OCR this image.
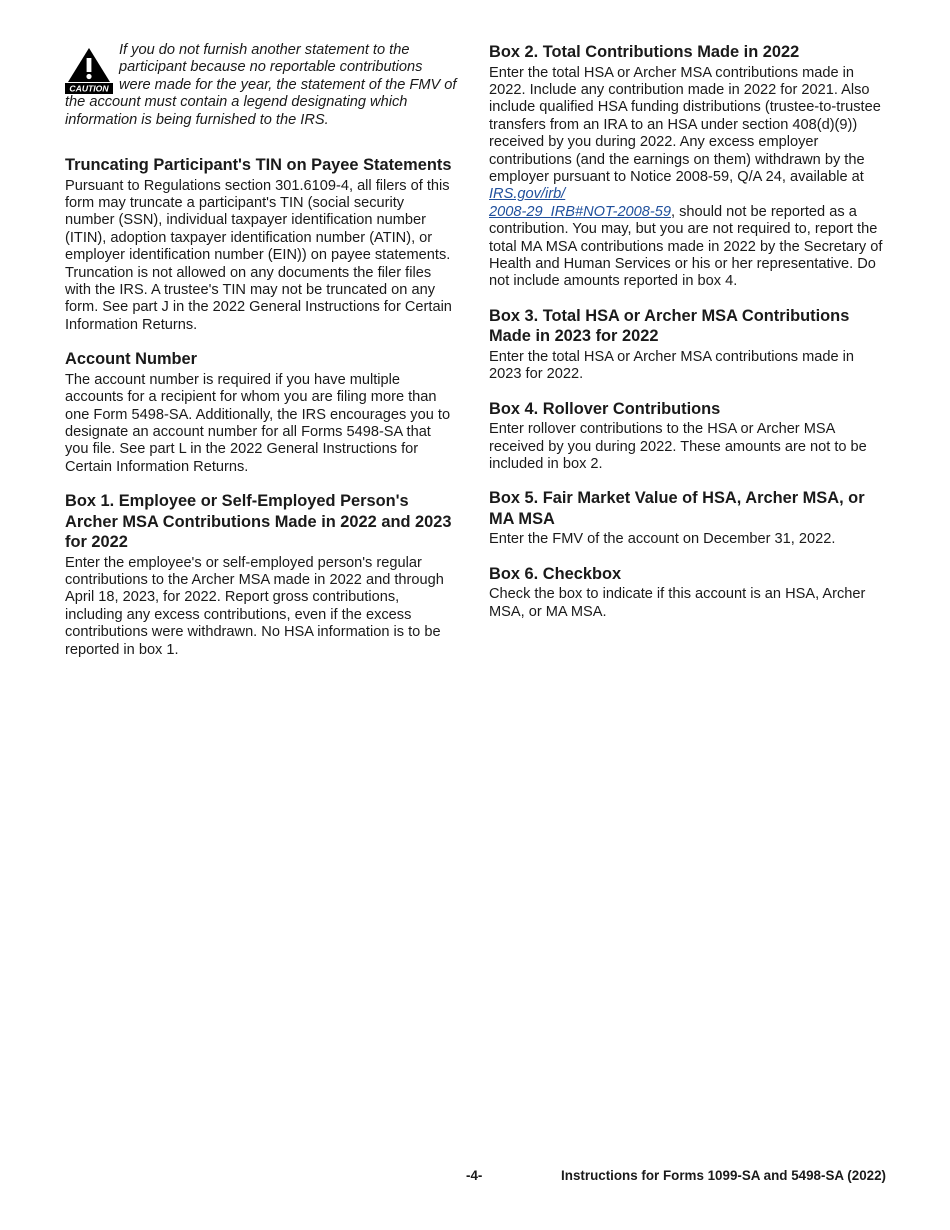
CAUTION
If you do not furnish another statement to the participant because no reportable contributions were made for the year, the statement of the FMV of the account must contain a legend designating which information is being furnished to the IRS.
Truncating Participant's TIN on Payee Statements

Pursuant to Regulations section 301.6109-4, all filers of this form may truncate a participant's TIN (social security number (SSN), individual taxpayer identification number (ITIN), adoption taxpayer identification number (ATIN), or employer identification number (EIN)) on payee statements. Truncation is not allowed on any documents the filer files with the IRS. A trustee's TIN may not be truncated on any form. See part J in the 2022 General Instructions for Certain Information Returns.

Account Number

The account number is required if you have multiple accounts for a recipient for whom you are filing more than one Form 5498-SA. Additionally, the IRS encourages you to designate an account number for all Forms 5498-SA that you file. See part L in the 2022 General Instructions for Certain Information Returns.

Box 1. Employee or Self-Employed Person's Archer MSA Contributions Made in 2022 and 2023 for 2022

Enter the employee's or self-employed person's regular contributions to the Archer MSA made in 2022 and through April 18, 2023, for 2022. Report gross contributions, including any excess contributions, even if the excess contributions were withdrawn. No HSA information is to be reported in box 1.

Box 2. Total Contributions Made in 2022

Enter the total HSA or Archer MSA contributions made in 2022. Include any contribution made in 2022 for 2021. Also include qualified HSA funding distributions (trustee-to-trustee transfers from an IRA to an HSA under section 408(d)(9)) received by you during 2022. Any excess employer contributions (and the earnings on them) withdrawn by the employer pursuant to Notice 2008-59, Q/A 24, available at IRS.gov/irb/
2008-29_IRB#NOT-2008-59, should not be reported as a contribution. You may, but you are not required to, report the total MA MSA contributions made in 2022 by the Secretary of Health and Human Services or his or her representative. Do not include amounts reported in box 4.

Box 3. Total HSA or Archer MSA Contributions Made in 2023 for 2022

Enter the total HSA or Archer MSA contributions made in 2023 for 2022.

Box 4. Rollover Contributions

Enter rollover contributions to the HSA or Archer MSA received by you during 2022. These amounts are not to be included in box 2.

Box 5. Fair Market Value of HSA, Archer MSA, or MA MSA

Enter the FMV of the account on December 31, 2022.

Box 6. Checkbox

Check the box to indicate if this account is an HSA, Archer MSA, or MA MSA.

-4-	Instructions for Forms 1099-SA and 5498-SA (2022)
